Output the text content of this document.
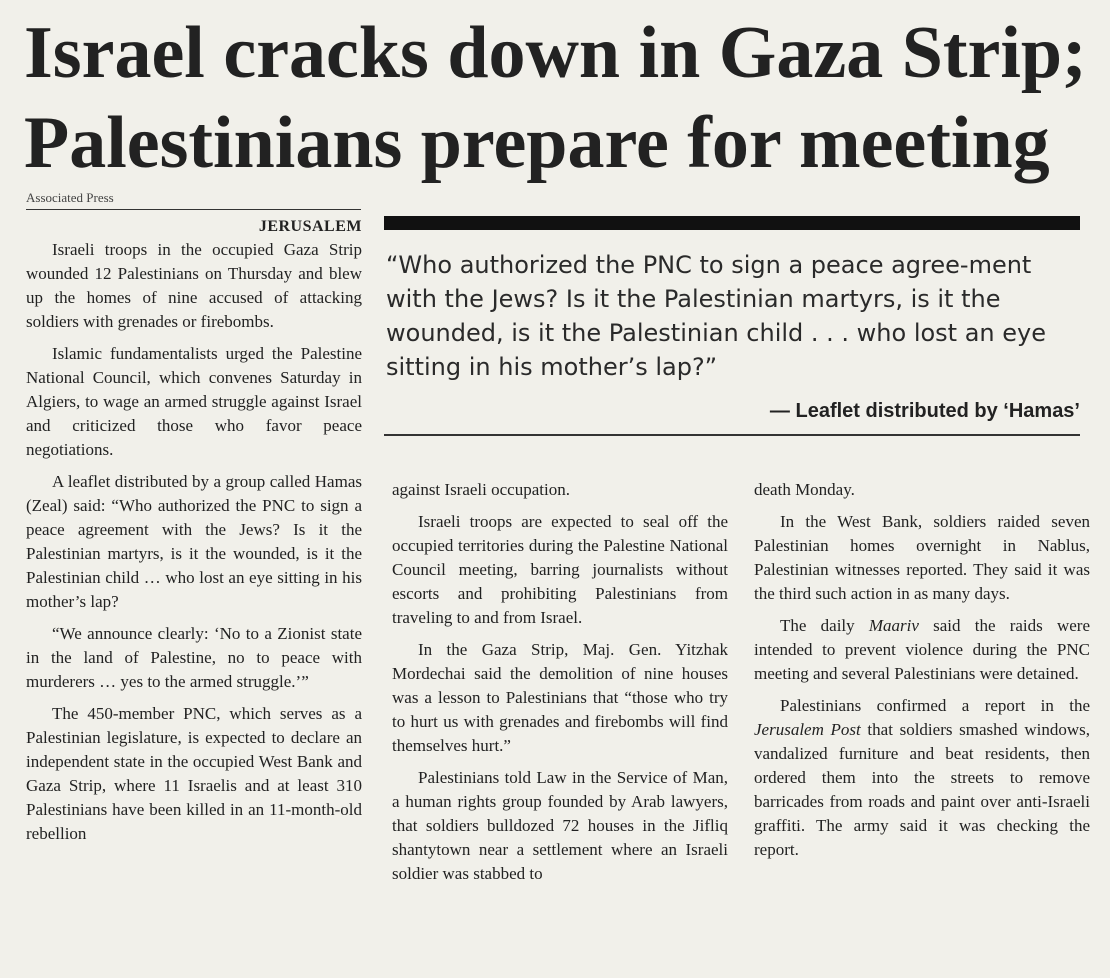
Israel cracks down in Gaza Strip;
Palestinians prepare for meeting
Associated Press
JERUSALEM

Israeli troops in the occupied Gaza Strip wounded 12 Palestinians on Thursday and blew up the homes of nine accused of attacking soldiers with grenades or firebombs.

Islamic fundamentalists urged the Palestine National Council, which convenes Saturday in Algiers, to wage an armed struggle against Israel and criticized those who favor peace negotiations.

A leaflet distributed by a group called Hamas (Zeal) said: “Who authorized the PNC to sign a peace agreement with the Jews? Is it the Palestinian martyrs, is it the wounded, is it the Palestinian child … who lost an eye sitting in his mother’s lap?

“We announce clearly: ‘No to a Zionist state in the land of Palestine, no to peace with murderers … yes to the armed struggle.’”

The 450-member PNC, which serves as a Palestinian legislature, is expected to declare an independent state in the occupied West Bank and Gaza Strip, where 11 Israelis and at least 310 Palestinians have been killed in an 11-month-old rebellion

“Who authorized the PNC to sign a peace agree-ment with the Jews? Is it the Palestinian martyrs, is it the wounded, is it the Palestinian child . . . who lost an eye sitting in his mother’s lap?”

— Leaflet distributed by ‘Hamas’

against Israeli occupation.

Israeli troops are expected to seal off the occupied territories during the Palestine National Council meeting, barring journalists without escorts and prohibiting Palestinians from traveling to and from Israel.

In the Gaza Strip, Maj. Gen. Yitzhak Mordechai said the demolition of nine houses was a lesson to Palestinians that “those who try to hurt us with grenades and firebombs will find themselves hurt.”

Palestinians told Law in the Service of Man, a human rights group founded by Arab lawyers, that soldiers bulldozed 72 houses in the Jifliq shantytown near a settlement where an Israeli soldier was stabbed to

death Monday.

In the West Bank, soldiers raided seven Palestinian homes overnight in Nablus, Palestinian witnesses reported. They said it was the third such action in as many days.

The daily Maariv said the raids were intended to prevent violence during the PNC meeting and several Palestinians were detained.

Palestinians confirmed a report in the Jerusalem Post that soldiers smashed windows, vandalized furniture and beat residents, then ordered them into the streets to remove barricades from roads and paint over anti-Israeli graffiti. The army said it was checking the report.
